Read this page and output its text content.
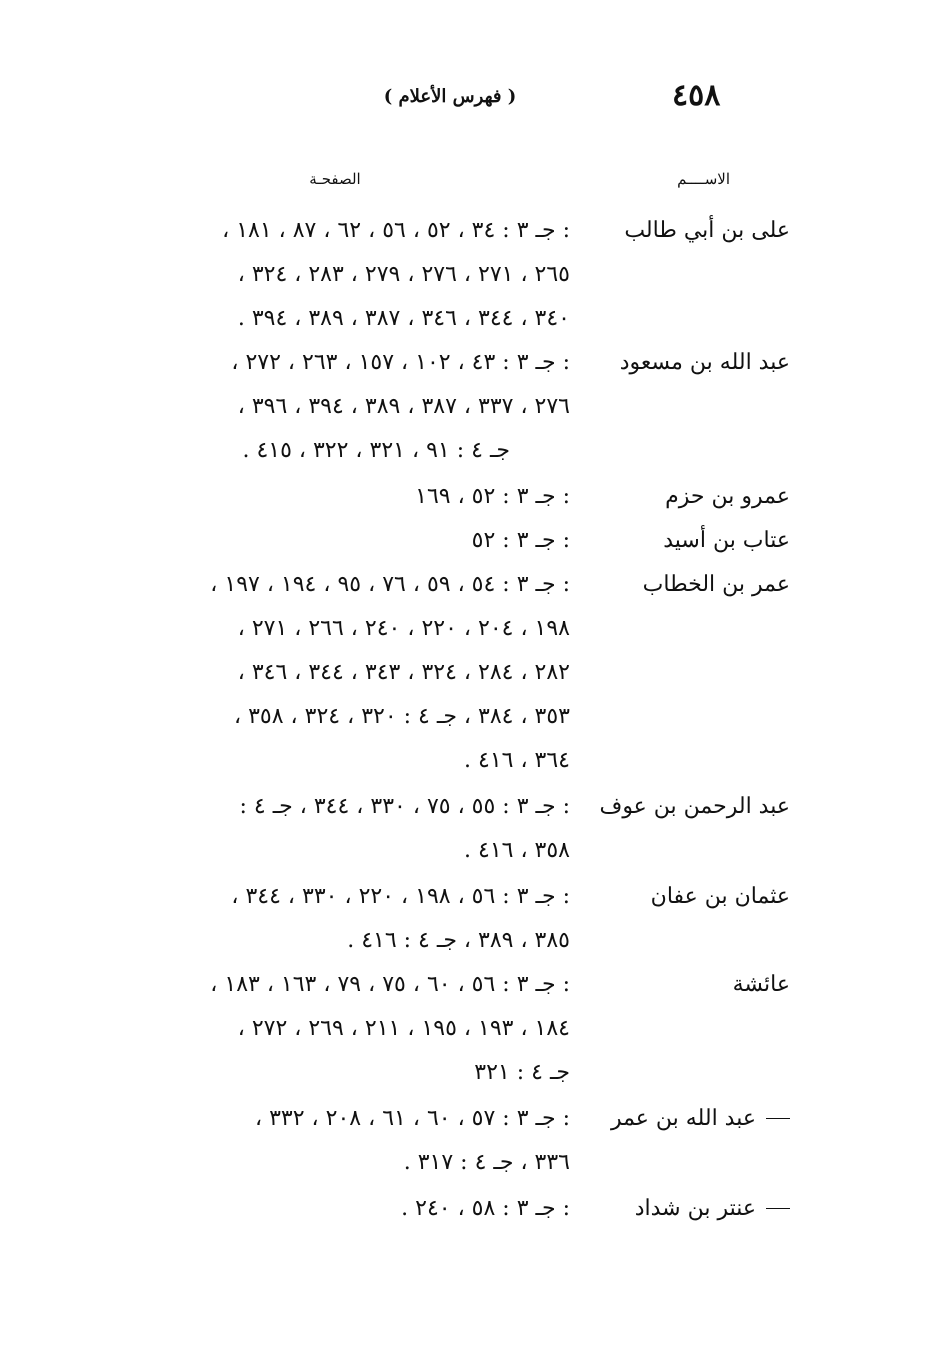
٤٥٨
( فهرس الأعلام )
الاســــم
الصفحـة
على بن أبي طالب
: جـ ٣ : ٣٤ ، ٥٢ ، ٥٦ ، ٦٢ ، ٨٧ ، ١٨١ ،
٢٦٥ ، ٢٧١ ، ٢٧٦ ، ٢٧٩ ، ٢٨٣ ، ٣٢٤ ،
٣٤٠ ، ٣٤٤ ، ٣٤٦ ، ٣٨٧ ، ٣٨٩ ، ٣٩٤ .
عبد الله بن مسعود
: جـ ٣ : ٤٣ ، ١٠٢ ، ١٥٧ ، ٢٦٣ ، ٢٧٢ ،
٢٧٦ ، ٣٣٧ ، ٣٨٧ ، ٣٨٩ ، ٣٩٤ ، ٣٩٦ ،
جـ ٤ : ٩١ ، ٣٢١ ، ٣٢٢ ، ٤١٥ .
عمرو بن حزم
: جـ ٣ : ٥٢ ، ١٦٩
عتاب بن أسيد
: جـ ٣ : ٥٢
عمر بن الخطاب
: جـ ٣ : ٥٤ ، ٥٩ ، ٧٦ ، ٩٥ ، ١٩٤ ، ١٩٧ ،
١٩٨ ، ٢٠٤ ، ٢٢٠ ، ٢٤٠ ، ٢٦٦ ، ٢٧١ ،
٢٨٢ ، ٢٨٤ ، ٣٢٤ ، ٣٤٣ ، ٣٤٤ ، ٣٤٦ ،
٣٥٣ ، ٣٨٤ ، جـ ٤ : ٣٢٠ ، ٣٢٤ ، ٣٥٨ ،
٣٦٤ ، ٤١٦ .
عبد الرحمن بن عوف
: جـ ٣ : ٥٥ ، ٧٥ ، ٣٣٠ ، ٣٤٤ ، جـ ٤ :
٣٥٨ ، ٤١٦ .
عثمان بن عفان
: جـ ٣ : ٥٦ ، ١٩٨ ، ٢٢٠ ، ٣٣٠ ، ٣٤٤ ،
٣٨٥ ، ٣٨٩ ، جـ ٤ : ٤١٦ .
عائشة
: جـ ٣ : ٥٦ ، ٦٠ ، ٧٥ ، ٧٩ ، ١٦٣ ، ١٨٣ ،
١٨٤ ، ١٩٣ ، ١٩٥ ، ٢١١ ، ٢٦٩ ، ٢٧٢ ،
جـ ٤ : ٣٢١
عبد الله بن عمر
: جـ ٣ : ٥٧ ، ٦٠ ، ٦١ ، ٢٠٨ ، ٣٣٢ ،
٣٣٦ ، جـ ٤ : ٣١٧ .
عنتر بن شداد
: جـ ٣ : ٥٨ ، ٢٤٠ .
